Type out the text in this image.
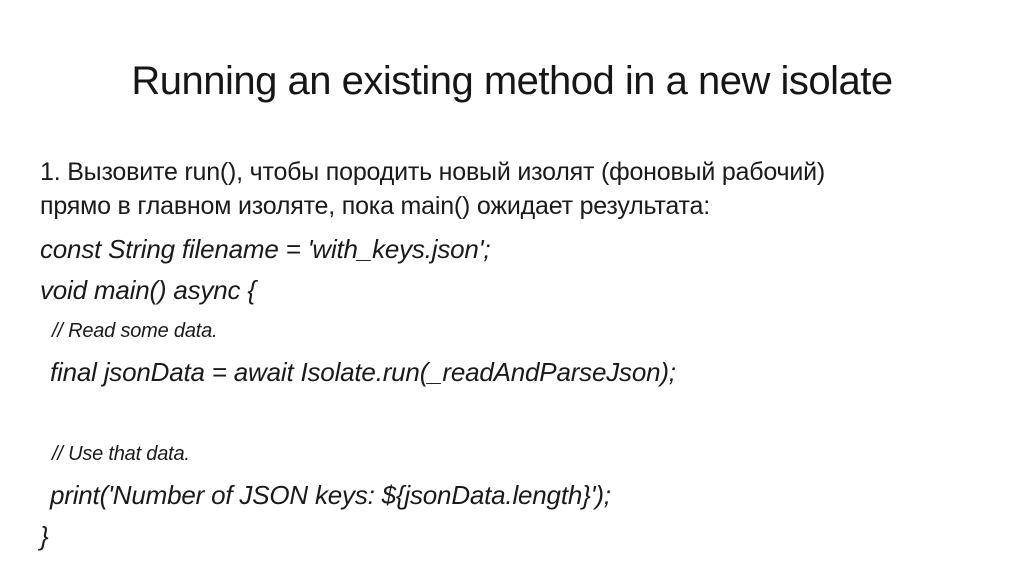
Running an existing method in a new isolate
1. Вызовите run(), чтобы породить новый изолят (фоновый рабочий)
прямо в главном изоляте, пока main() ожидает результата:
const String filename = 'with_keys.json';
void main() async {
// Read some data.
final jsonData = await Isolate.run(_readAndParseJson);
// Use that data.
print('Number of JSON keys: ${jsonData.length}');
}
